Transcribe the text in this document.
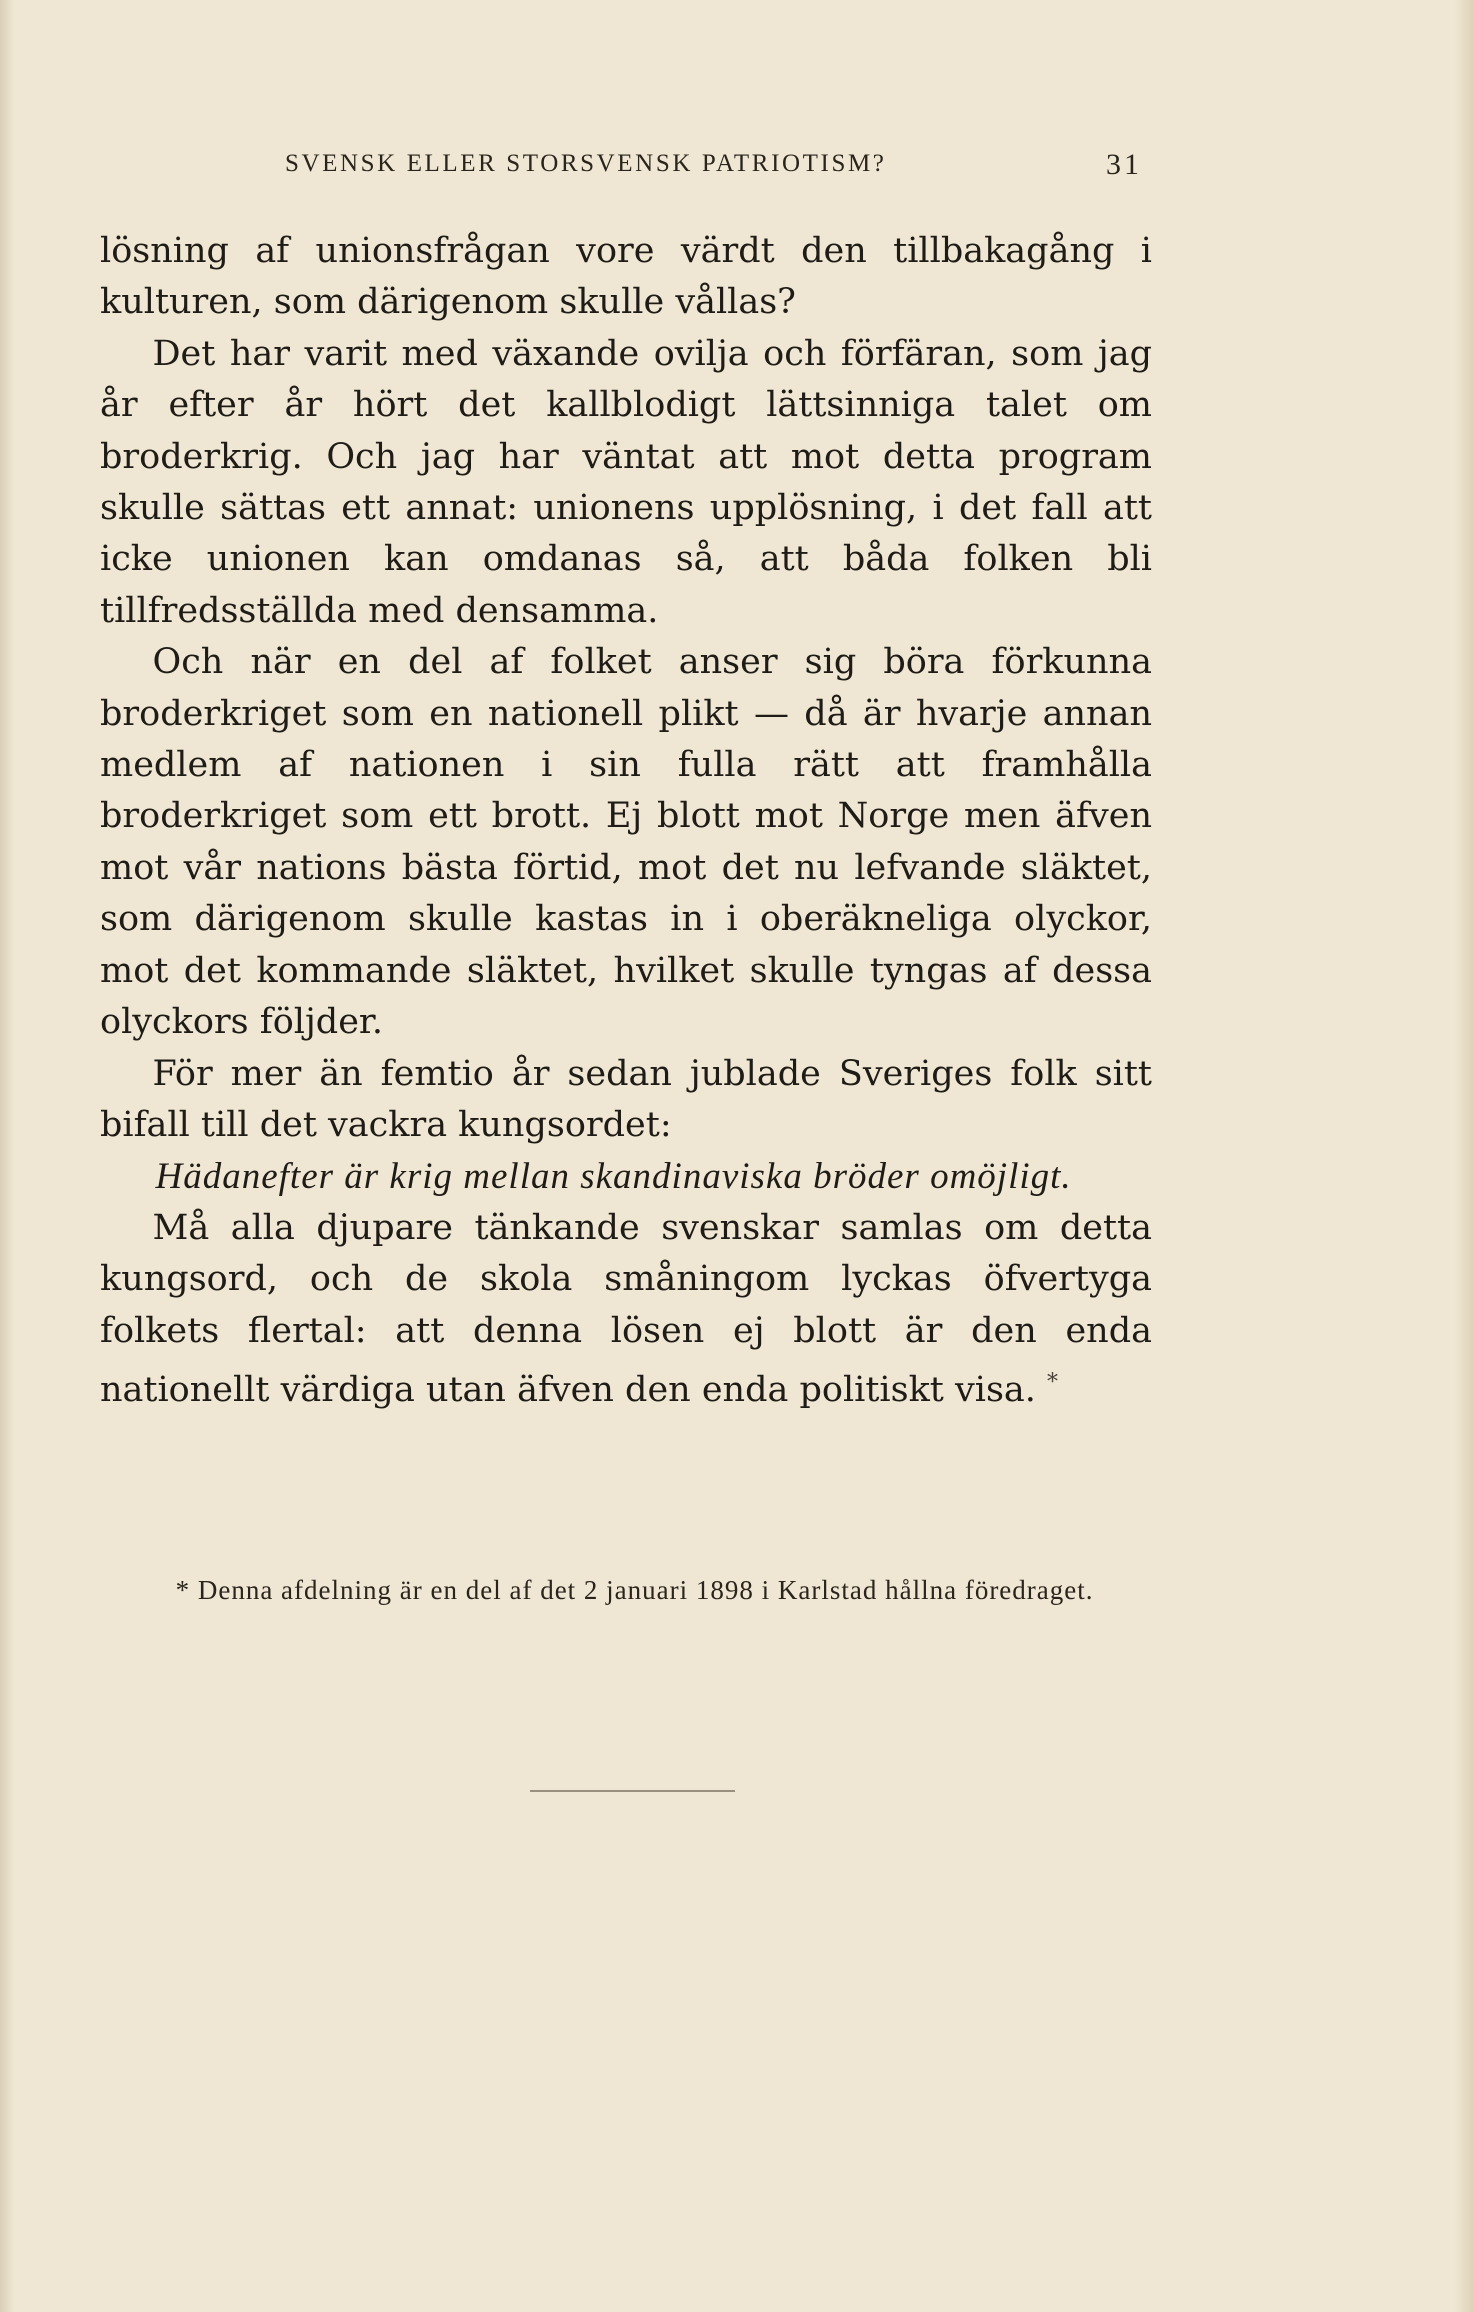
SVENSK ELLER STORSVENSK PATRIOTISM?	31

lösning af unionsfrågan vore värdt den tillbakagång i kulturen, som därigenom skulle vållas?

Det har varit med växande ovilja och förfäran, som jag år efter år hört det kallblodigt lättsinniga talet om broderkrig. Och jag har väntat att mot detta program skulle sättas ett annat: unionens upplösning, i det fall att icke unionen kan omdanas så, att båda folken bli tillfredsställda med densamma.

Och när en del af folket anser sig böra förkunna broderkriget som en nationell plikt — då är hvarje annan medlem af nationen i sin fulla rätt att framhålla broderkriget som ett brott. Ej blott mot Norge men äfven mot vår nations bästa förtid, mot det nu lefvande släktet, som därigenom skulle kastas in i oberäkneliga olyckor, mot det kommande släktet, hvilket skulle tyngas af dessa olyckors följder.

För mer än femtio år sedan jublade Sveriges folk sitt bifall till det vackra kungsordet:

Hädanefter är krig mellan skandinaviska bröder omöjligt.

Må alla djupare tänkande svenskar samlas om detta kungsord, och de skola småningom lyckas öfvertyga folkets flertal: att denna lösen ej blott är den enda nationellt värdiga utan äfven den enda politiskt visa. *

* Denna afdelning är en del af det 2 januari 1898 i Karlstad hållna föredraget.
